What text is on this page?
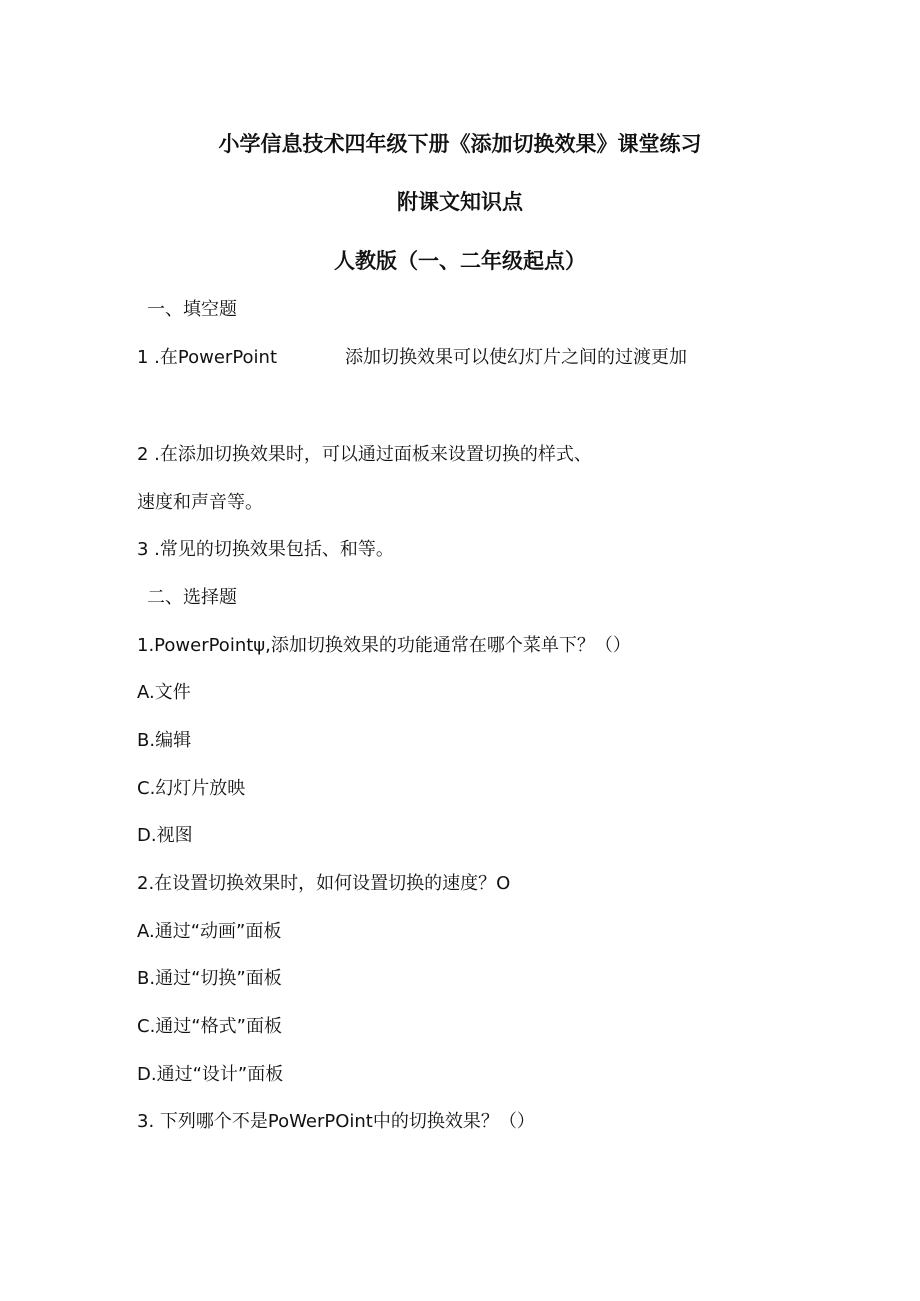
小学信息技术四年级下册《添加切换效果》课堂练习
附课文知识点
人教版（一、二年级起点）
一、填空题
1 .在PowerPoint	添加切换效果可以使幻灯片之间的过渡更加
2 .在添加切换效果时，可以通过面板来设置切换的样式、
速度和声音等。
3 .常见的切换效果包括、和等。
二、选择题
1.PowerPointψ,添加切换效果的功能通常在哪个菜单下？（）
A.文件
B.编辑
C.幻灯片放映
D.视图
2.在设置切换效果时，如何设置切换的速度？O
A.通过“动画”面板
B.通过“切换”面板
C.通过“格式”面板
D.通过“设计”面板
3. 下列哪个不是PoWerPOint中的切换效果？（）
